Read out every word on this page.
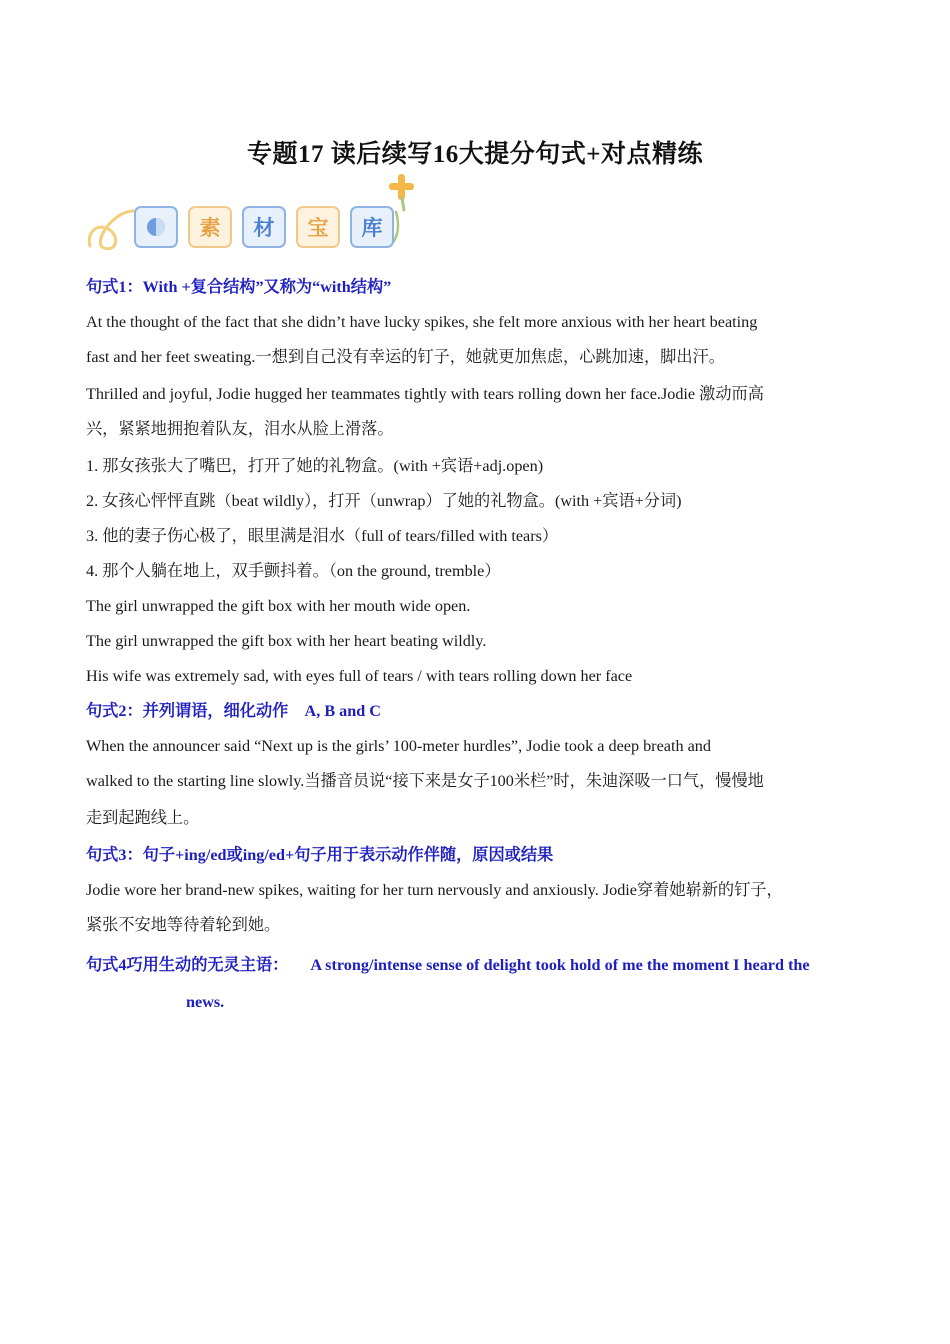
专题17 读后续写16大提分句式+对点精练
素	材	宝	库
句式1：With +复合结构”又称为“with结构”
At the thought of the fact that she didn’t have lucky spikes, she felt more anxious with her heart beating
fast and her feet sweating.一想到自己没有幸运的钉子，她就更加焦虑，心跳加速，脚出汗。
Thrilled and joyful, Jodie hugged her teammates tightly with tears rolling down her face.Jodie 激动而高
兴，紧紧地拥抱着队友，泪水从脸上滑落。
1. 那女孩张大了嘴巴，打开了她的礼物盒。(with +宾语+adj.open)
2. 女孩心怦怦直跳（beat wildly），打开（unwrap）了她的礼物盒。(with +宾语+分词)
3. 他的妻子伤心极了，眼里满是泪水（full of tears/filled with tears）
4. 那个人躺在地上，双手颤抖着。（on the ground, tremble）
The girl unwrapped the gift box with her mouth wide open.
The girl unwrapped the gift box with her heart beating wildly.
His wife was extremely sad, with eyes full of tears / with tears rolling down her face
句式2：并列谓语，细化动作    A, B and C
When the announcer said “Next up is the girls’ 100-meter hurdles”, Jodie took a deep breath and
walked to the starting line slowly.当播音员说“接下来是女子100米栏”时，朱迪深吸一口气，慢慢地
走到起跑线上。
句式3：句子+ing/ed或ing/ed+句子用于表示动作伴随，原因或结果
Jodie wore her brand-new spikes, waiting for her turn nervously and anxiously. Jodie穿着她崭新的钉子，
紧张不安地等待着轮到她。
句式4巧用生动的无灵主语： A strong/intense sense of delight took hold of me the moment I heard the
news.
